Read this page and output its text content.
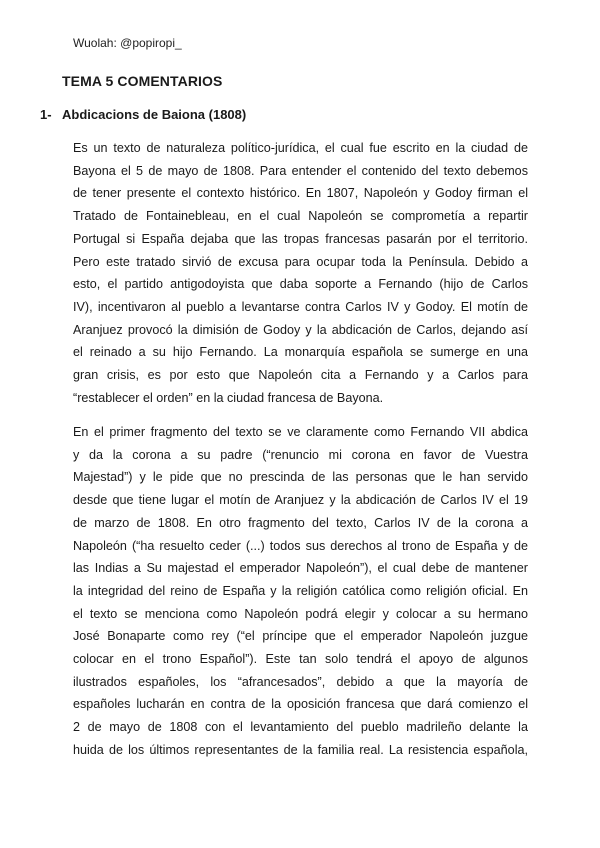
Wuolah: @popiropi_

TEMA 5 COMENTARIOS
1- Abdicacions de Baiona (1808)
Es un texto de naturaleza político-jurídica, el cual fue escrito en la ciudad de
Bayona el 5 de mayo de 1808. Para entender el contenido del texto debemos
de tener presente el contexto histórico. En 1807, Napoleón y Godoy firman el
Tratado de Fontainebleau, en el cual Napoleón se comprometía a repartir
Portugal si España dejaba que las tropas francesas pasarán por el territorio.
Pero este tratado sirvió de excusa para ocupar toda la Península. Debido a
esto, el partido antigodoyista que daba soporte a Fernando (hijo de Carlos
IV), incentivaron al pueblo a levantarse contra Carlos IV y Godoy. El motín de
Aranjuez provocó la dimisión de Godoy y la abdicación de Carlos, dejando así
el reinado a su hijo Fernando. La monarquía española se sumerge en una
gran crisis, es por esto que Napoleón cita a Fernando y a Carlos para
“restablecer el orden” en la ciudad francesa de Bayona.
En el primer fragmento del texto se ve claramente como Fernando VII abdica
y da la corona a su padre (“renuncio mi corona en favor de Vuestra
Majestad”) y le pide que no prescinda de las personas que le han servido
desde que tiene lugar el motín de Aranjuez y la abdicación de Carlos IV el 19
de marzo de 1808. En otro fragmento del texto, Carlos IV de la corona a
Napoleón (“ha resuelto ceder (...) todos sus derechos al trono de España y de
las Indias a Su majestad el emperador Napoleón”), el cual debe de mantener
la integridad del reino de España y la religión católica como religión oficial. En
el texto se menciona como Napoleón podrá elegir y colocar a su hermano
José Bonaparte como rey (“el príncipe que el emperador Napoleón juzgue
colocar en el trono Español”). Este tan solo tendrá el apoyo de algunos
ilustrados españoles, los “afrancesados”, debido a que la mayoría de
españoles lucharán en contra de la oposición francesa que dará comienzo el
2 de mayo de 1808 con el levantamiento del pueblo madrileño delante la
huida de los últimos representantes de la familia real. La resistencia española,
